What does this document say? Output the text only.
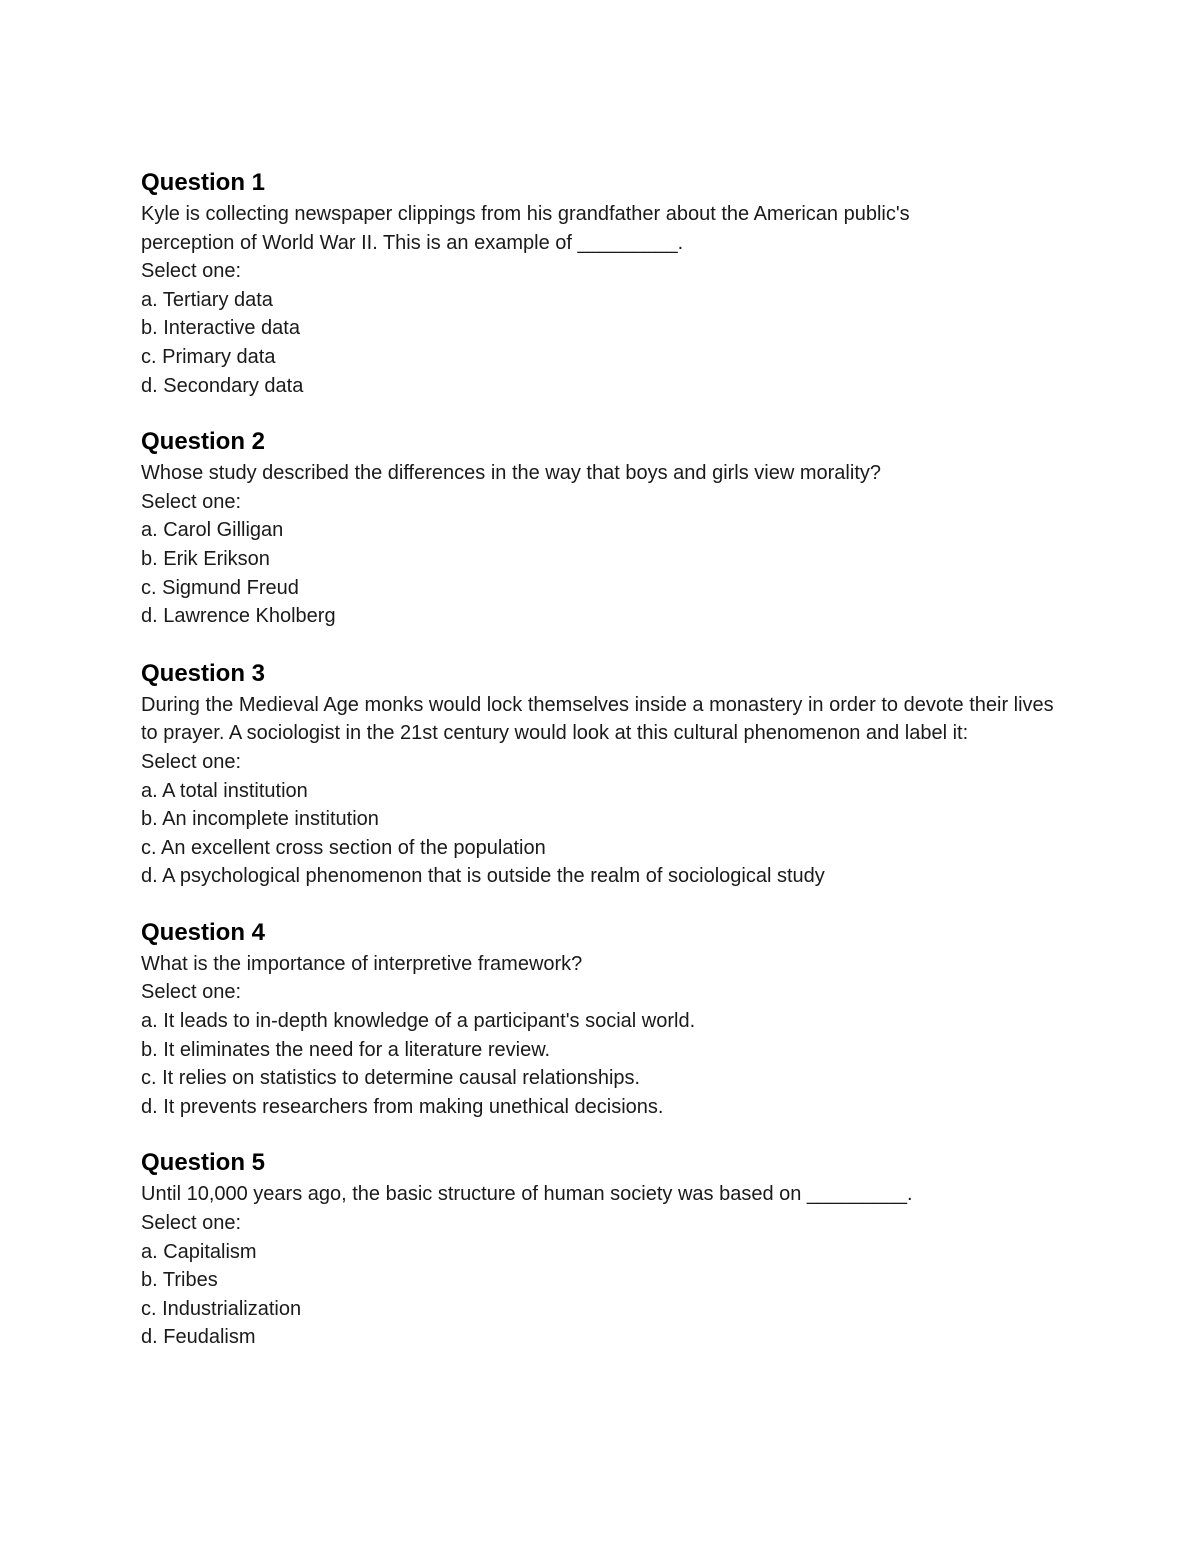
Question 1

Kyle is collecting newspaper clippings from his grandfather about the American public's perception of World War II. This is an example of _________.

Select one:

a. Tertiary data
b. Interactive data
c. Primary data
d. Secondary data
Question 2

Whose study described the differences in the way that boys and girls view morality?

Select one:

a. Carol Gilligan
b. Erik Erikson
c. Sigmund Freud
d. Lawrence Kholberg
Question 3

During the Medieval Age monks would lock themselves inside a monastery in order to devote their lives to prayer. A sociologist in the 21st century would look at this cultural phenomenon and label it:

Select one:

a. A total institution
b. An incomplete institution
c. An excellent cross section of the population
d. A psychological phenomenon that is outside the realm of sociological study
Question 4

What is the importance of interpretive framework?

Select one:

a. It leads to in-depth knowledge of a participant's social world.
b. It eliminates the need for a literature review.
c. It relies on statistics to determine causal relationships.
d. It prevents researchers from making unethical decisions.
Question 5

Until 10,000 years ago, the basic structure of human society was based on _________.

Select one:

a. Capitalism
b. Tribes
c. Industrialization
d. Feudalism
